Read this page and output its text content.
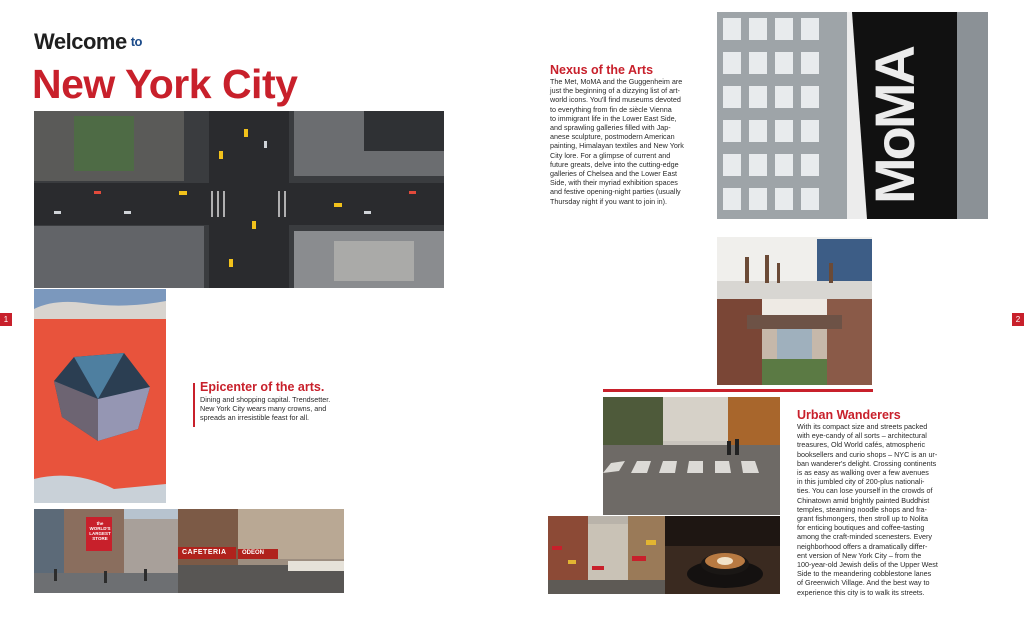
1	2
Welcome to
New York City
the WORLD'S LARGEST STORE
CAFETERIA	ODEON
Epicenter of the arts.
Dining and shopping capital. Trendsetter.
New York City wears many crowns, and
spreads an irresistible feast for all.
Nexus of the Arts
The Met, MoMA and the Guggenheim are
just the beginning of a dizzying list of art-
world icons. You'll find museums devoted
to everything from fin de siècle Vienna
to immigrant life in the Lower East Side,
and sprawling galleries filled with Jap-
anese sculpture, postmodern American
painting, Himalayan textiles and New York
City lore. For a glimpse of current and
future greats, delve into the cutting-edge
galleries of Chelsea and the Lower East
Side, with their myriad exhibition spaces
and festive opening-night parties (usually
Thursday night if you want to join in).	MoMA
Urban Wanderers
With its compact size and streets packed
with eye-candy of all sorts – architectural
treasures, Old World cafés, atmospheric
booksellers and curio shops – NYC is an ur-
ban wanderer's delight. Crossing continents
is as easy as walking over a few avenues
in this jumbled city of 200-plus nationali-
ties. You can lose yourself in the crowds of
Chinatown amid brightly painted Buddhist
temples, steaming noodle shops and fra-
grant fishmongers, then stroll up to Nolita
for enticing boutiques and coffee-tasting
among the craft-minded scenesters. Every
neighborhood offers a dramatically differ-
ent version of New York City – from the
100-year-old Jewish delis of the Upper West
Side to the meandering cobblestone lanes
of Greenwich Village. And the best way to
experience this city is to walk its streets.
